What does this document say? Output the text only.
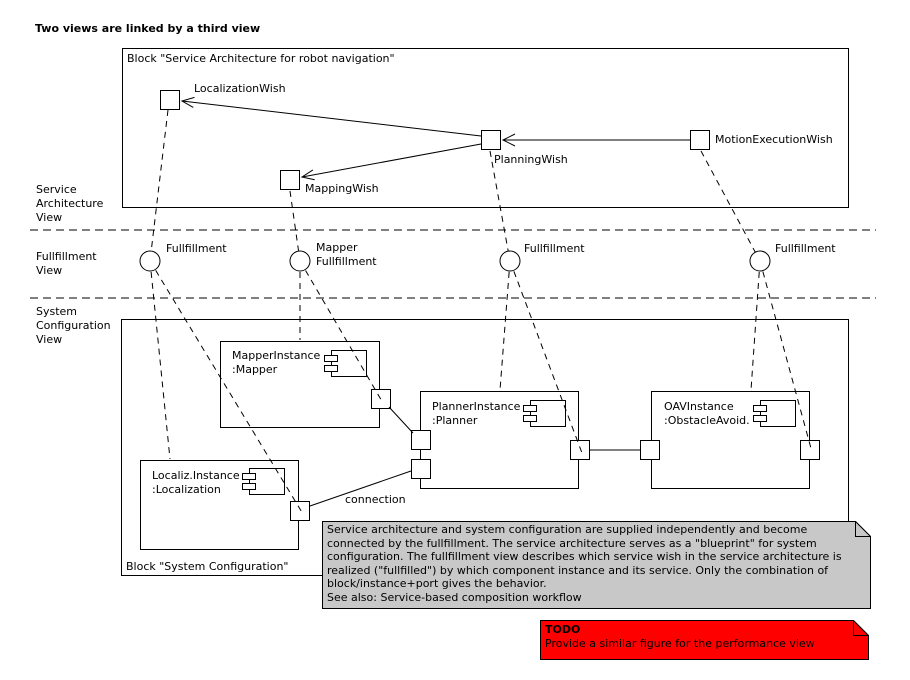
Two views are linked by a third view
Service
Architecture
View
Fullfillment
View
System
Configuration
View
Block "Service Architecture for robot navigation"
LocalizationWish
MappingWish
PlanningWish
MotionExecutionWish
Fullfillment	Mapper
Fullfillment
Fullfillment	Fullfillment
Block "System Configuration"
MapperInstance
:Mapper
Localiz.Instance
:Localization
PlannerInstance
:Planner
OAVInstance
:ObstacleAvoid.
connection
Service architecture and system configuration are supplied independently and become
connected by the fullfillment. The service architecture serves as a "blueprint" for system
configuration. The fullfillment view describes which service wish in the service architecture is
realized ("fullfilled") by which component instance and its service. Only the combination of
block/instance+port gives the behavior.
See also: Service-based composition workflow
TODO
Provide a similar figure for the performance view
